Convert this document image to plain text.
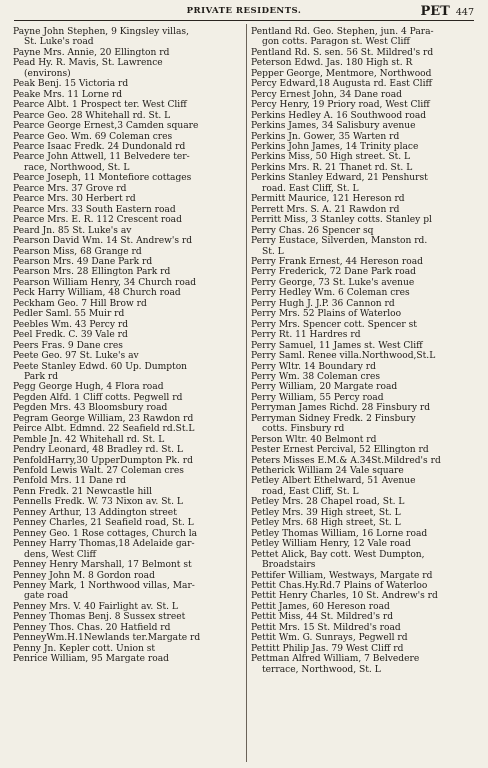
PRIVATE RESIDENTS.	PET 447
Payne John Stephen, 9 Kingsley villas,
St. Luke's road
Payne Mrs. Annie, 20 Ellington rd
Pead Hy. R. Mavis, St. Lawrence
(environs)
Peak Benj. 15 Victoria rd
Peake Mrs. 11 Lorne rd
Pearce Albt. 1 Prospect ter. West Cliff
Pearce Geo. 28 Whitehall rd. St. L
Pearce George Ernest,3 Camden square
Pearce Geo. Wm. 69 Coleman cres
Pearce Isaac Fredk. 24 Dundonald rd
Pearce John Attwell, 11 Belvedere ter-
race, Northwood, St. L
Pearce Joseph, 11 Montefiore cottages
Pearce Mrs. 37 Grove rd
Pearce Mrs. 30 Herbert rd
Pearce Mrs. 33 South Eastern road
Pearce Mrs. E. R. 112 Crescent road
Peard Jn. 85 St. Luke's av
Pearson David Wm. 14 St. Andrew's rd
Pearson Miss, 68 Grange rd
Pearson Mrs. 49 Dane Park rd
Pearson Mrs. 28 Ellington Park rd
Pearson William Henry, 34 Church road
Peck Harry William, 48 Church road
Peckham Geo. 7 Hill Brow rd
Pedler Saml. 55 Muir rd
Peebles Wm. 43 Percy rd
Peel Fredk. C. 39 Vale rd
Peers Fras. 9 Dane cres
Peete Geo. 97 St. Luke's av
Peete Stanley Edwd. 60 Up. Dumpton
Park rd
Pegg George Hugh, 4 Flora road
Pegden Alfd. 1 Cliff cotts. Pegwell rd
Pegden Mrs. 43 Bloomsbury road
Pegram George William, 23 Rawdon rd
Peirce Albt. Edmnd. 22 Seafield rd.St.L
Pemble Jn. 42 Whitehall rd. St. L
Pendry Leonard, 48 Bradley rd. St. L
PenfoldHarry,30 UpperDumpton Pk. rd
Penfold Lewis Walt. 27 Coleman cres
Penfold Mrs. 11 Dane rd
Penn Fredk. 21 Newcastle hill
Pennells Fredk. W. 73 Nixon av. St. L
Penney Arthur, 13 Addington street
Penney Charles, 21 Seafield road, St. L
Penney Geo. 1 Rose cottages, Church la
Penney Harry Thomas,18 Adelaide gar-
dens, West Cliff
Penney Henry Marshall, 17 Belmont st
Penney John M. 8 Gordon road
Penney Mark, 1 Northwood villas, Mar-
gate road
Penney Mrs. V. 40 Fairlight av. St. L
Penney Thomas Benj. 8 Sussex street
Penney Thos. Chas. 20 Hatfield rd
PenneyWm.H.1Newlands ter.Margate rd
Penny Jn. Kepler cott. Union st
Penrice William, 95 Margate road
Pentland Rd. Geo. Stephen, jun. 4 Para-
gon cotts. Paragon st. West Cliff
Pentland Rd. S. sen. 56 St. Mildred's rd
Peterson Edwd. Jas. 180 High st. R
Pepper George, Mentmore, Northwood
Percy Edward,18 Augusta rd. East Cliff
Percy Ernest John, 34 Dane road
Percy Henry, 19 Priory road, West Cliff
Perkins Hedley A. 16 Southwood road
Perkins James, 34 Salisbury avenue
Perkins Jn. Gower, 35 Warten rd
Perkins John James, 14 Trinity place
Perkins Miss, 50 High street. St. L
Perkins Mrs. R. 21 Thanet rd. St. L
Perkins Stanley Edward, 21 Penshurst
road. East Cliff, St. L
Permitt Maurice, 121 Hereson rd
Perrett Mrs. S. A. 21 Rawdon rd
Perritt Miss, 3 Stanley cotts. Stanley pl
Perry Chas. 26 Spencer sq
Perry Eustace, Silverden, Manston rd.
St. L
Perry Frank Ernest, 44 Hereson road
Perry Frederick, 72 Dane Park road
Perry George, 73 St. Luke's avenue
Perry Hedley Wm. 6 Coleman cres
Perry Hugh J. J.P. 36 Cannon rd
Perry Mrs. 52 Plains of Waterloo
Perry Mrs. Spencer cott. Spencer st
Perry Rt. 11 Hardres rd
Perry Samuel, 11 James st. West Cliff
Perry Saml. Renee villa.Northwood,St.L
Perry Wltr. 14 Boundary rd
Perry Wm. 38 Coleman cres
Perry William, 20 Margate road
Perry William, 55 Percy road
Perryman James Richd. 28 Finsbury rd
Perryman Sidney Fredk. 2 Finsbury
cotts. Finsbury rd
Person Wltr. 40 Belmont rd
Pester Ernest Percival, 52 Ellington rd
Peters Misses E.M.& A.34St.Mildred's rd
Petherick William 24 Vale square
Petley Albert Ethelward, 51 Avenue
road, East Cliff, St. L
Petley Mrs. 28 Chapel road, St. L
Petley Mrs. 39 High street, St. L
Petley Mrs. 68 High street, St. L
Petley Thomas William, 16 Lorne road
Petley William Henry, 12 Vale road
Pettet Alick, Bay cott. West Dumpton,
Broadstairs
Pettifer William, Westways, Margate rd
Pettit Chas.Hy.Rd.7 Plains of Waterloo
Pettit Henry Charles, 10 St. Andrew's rd
Pettit James, 60 Hereson road
Pettit Miss, 44 St. Mildred's rd
Pettit Mrs. 15 St. Mildred's road
Pettit Wm. G. Sunrays, Pegwell rd
Pettitt Philip Jas. 79 West Cliff rd
Pettman Alfred William, 7 Belvedere
terrace, Northwood, St. L
